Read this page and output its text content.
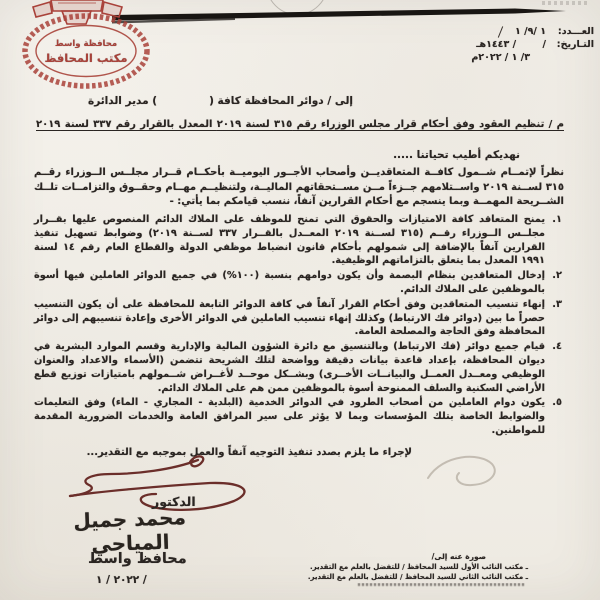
محافظة واسط
مكتب المحافظ
العـــدد:
١ /٩/ ١
التـاريخ:
/        / ١٤٤٣هـ
٣/ ١ / ٢٠٢٢م
إلى / دوائر المحافظة كافة (
) مدير الدائرة
م / تنظيم العقود وفق أحكام قرار مجلس الوزراء رقم ٣١٥ لسنة ٢٠١٩ المعدل بالقرار رقم ٣٣٧ لسنة ٢٠١٩
نهديكم أطيب تحياتنا .....
نظراً لإتمــام شــمول كافــة المتعاقديــن وأصحاب الأجــور اليوميــة بأحكــام قــرار مجلــس الــوزراء رقــم ٣١٥ لســنة ٢٠١٩ واســتلامهم جــزءاً مــن مســتحقاتهم الماليــة، ولتنظيــم مهــام وحقــوق والتزامــات تلــك الشــريحة المهمــة وبما ينسجم مع أحكام القرارين آنفاً، ننسب قيامكم بما يأتي: -
١.
يمنح المتعاقد كافة الامتيازات والحقوق التي تمنح للموظف على الملاك الدائم المنصوص عليها بقــرار مجلــس الــوزراء رقــم (٣١٥ لســنة ٢٠١٩ المعــدل بالقــرار ٣٣٧ لســنة ٢٠١٩) وضوابط تسهيل تنفيذ القرارين آنفاً بالإضافة إلى شمولهم بأحكام قانون انضباط موظفي الدولة والقطاع العام رقم ١٤ لسنة ١٩٩١ المعدل بما يتعلق بالتزاماتهم الوظيفية.
٢.
إدخال المتعاقدين بنظام البصمة وأن يكون دوامهم بنسبة (١٠٠%) في جميع الدوائر العاملين فيها أسوة بالموظفين على الملاك الدائم.
٣.
إنهاء تنسيب المتعاقدين وفق أحكام القرار آنفاً في كافة الدوائر التابعة للمحافظة على أن يكون التنسيب حصراً ما بين (دوائر فك الارتباط) وكذلك إنهاء تنسيب العاملين في الدوائر الأخرى وإعادة تنسيبهم إلى دوائر المحافظة وفق الحاجة والمصلحة العامة.
٤.
قيام جميع دوائر (فك الارتباط) وبالتنسيق مع دائرة الشؤون المالية والإدارية وقسم الموارد البشرية في ديوان المحافظة، بإعداد قاعدة بيانات دقيقة وواضحة لتلك الشريحة تتضمن (الأسماء والاعداد والعنوان الوظيفي ومعــدل العمــل والبيانــات الأخــرى) وبشــكل موحــد لأغــراض شــمولهم بامتيازات توزيع قطع الأراضي السكنية والسلف الممنوحة أسوة بالموظفين ممن هم على الملاك الدائم.
٥.
يكون دوام العاملين من أصحاب الطرود في الدوائر الخدمية (البلدية - المجاري - الماء) وفق التعليمات والضوابط الخاصة بتلك المؤسسات وبما لا يؤثر على سير المرافق العامة والخدمات الضرورية المقدمة للمواطنين.
لإجراء ما يلزم بصدد تنفيذ التوجيه آنفاً والعمل بموجبه مع التقدير...
الدكتور
محمد جميل المياحي
محافظ واسط
٢٠٢٢ / ١ /
صورة عنه إلى/
ـ مكتب النائب الأول للسيد المحافظ / للتفضل بالعلم مع التقدير.
ـ مكتب النائب الثاني للسيد المحافظ / للتفضل بالعلم مع التقدير.
